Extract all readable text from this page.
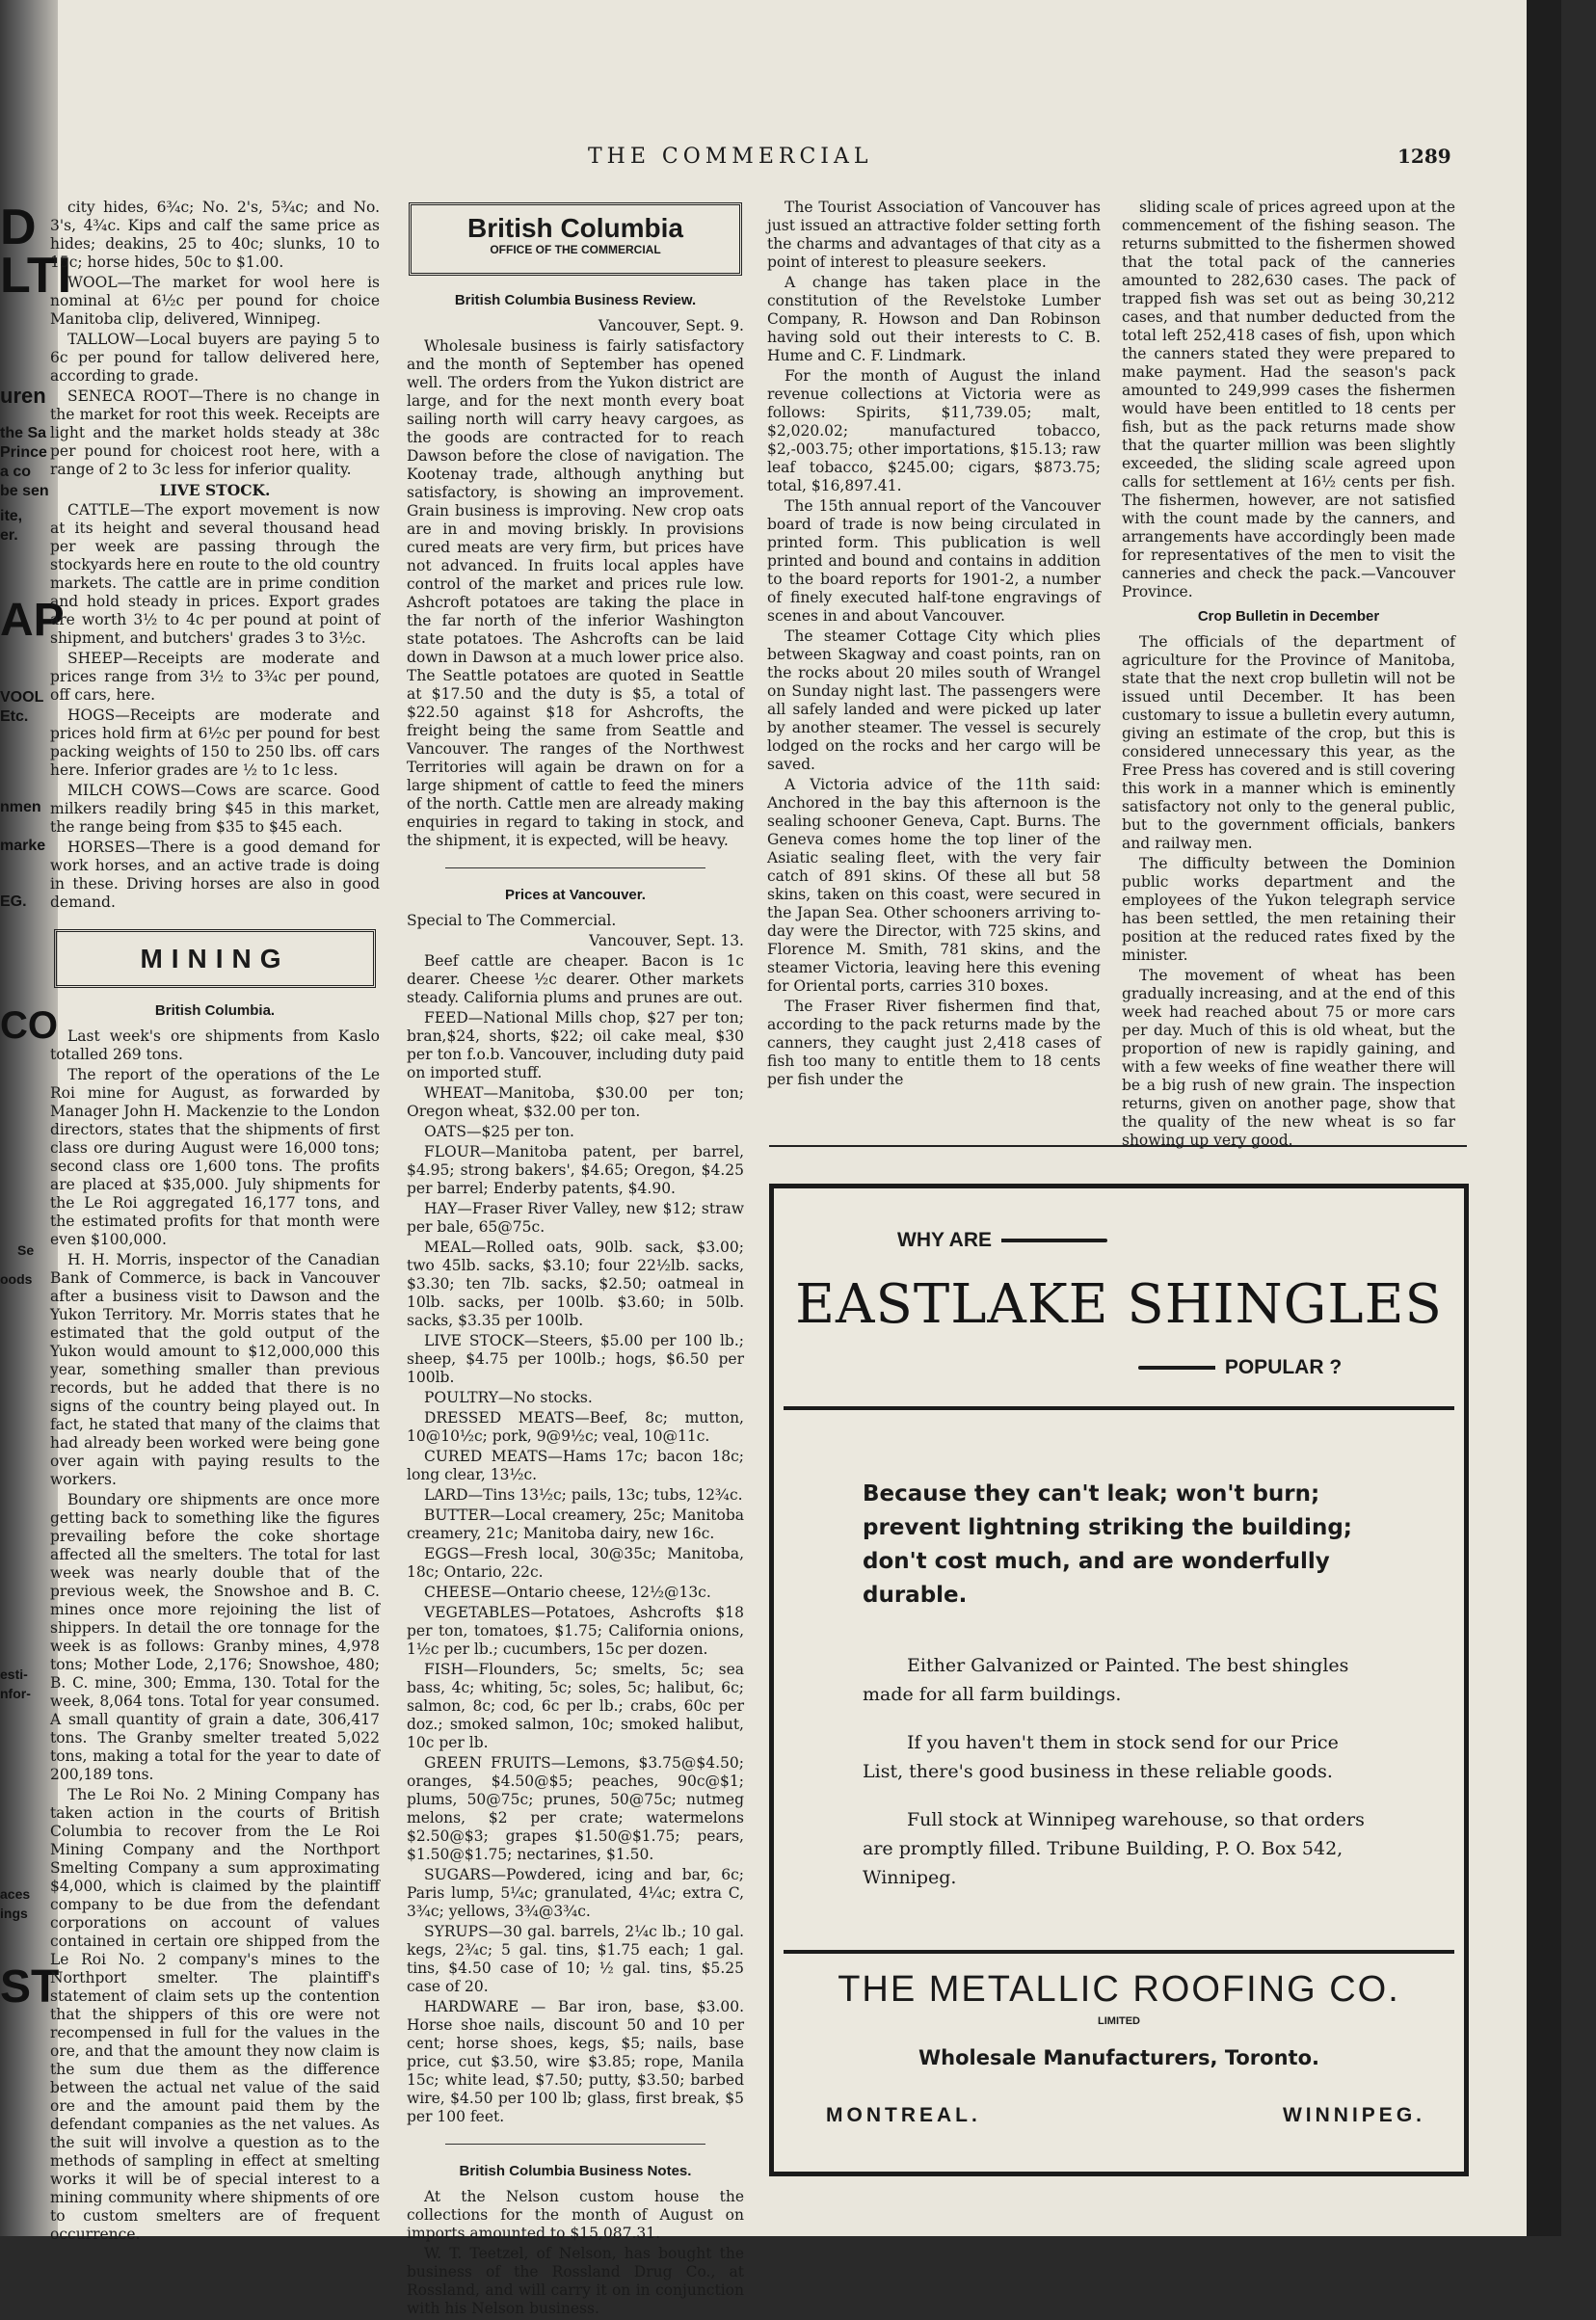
D
LTI
uren
the Sa
Prince
a co
be sen
ite,
er.
AP
VOOL
Etc.
nmen
marke
EG.
CO
Se
oods
esti-
nfor-
aces
ings
ST
THE COMMERCIAL	1289

city hides, 6¾c; No. 2's, 5¾c; and No. 3's, 4¾c. Kips and calf the same price as hides; deakins, 25 to 40c; slunks, 10 to 15c; horse hides, 50c to $1.00.

WOOL—The market for wool here is nominal at 6½c per pound for choice Manitoba clip, delivered, Winnipeg.

TALLOW—Local buyers are paying 5 to 6c per pound for tallow delivered here, according to grade.

SENECA ROOT—There is no change in the market for root this week. Receipts are light and the market holds steady at 38c per pound for choicest root here, with a range of 2 to 3c less for inferior quality.

LIVE STOCK.

CATTLE—The export movement is now at its height and several thousand head per week are passing through the stockyards here en route to the old country markets. The cattle are in prime condition and hold steady in prices. Export grades are worth 3½ to 4c per pound at point of shipment, and butchers' grades 3 to 3½c.

SHEEP—Receipts are moderate and prices range from 3½ to 3¾c per pound, off cars, here.

HOGS—Receipts are moderate and prices hold firm at 6½c per pound for best packing weights of 150 to 250 lbs. off cars here. Inferior grades are ½ to 1c less.

MILCH COWS—Cows are scarce. Good milkers readily bring $45 in this market, the range being from $35 to $45 each.

HORSES—There is a good demand for work horses, and an active trade is doing in these. Driving horses are also in good demand.

MINING
British Columbia.

Last week's ore shipments from Kaslo totalled 269 tons.

The report of the operations of the Le Roi mine for August, as forwarded by Manager John H. Mackenzie to the London directors, states that the shipments of first class ore during August were 16,000 tons; second class ore 1,600 tons. The profits are placed at $35,000. July shipments for the Le Roi aggregated 16,177 tons, and the estimated profits for that month were even $100,000.

H. H. Morris, inspector of the Canadian Bank of Commerce, is back in Vancouver after a business visit to Dawson and the Yukon Territory. Mr. Morris states that he estimated that the gold output of the Yukon would amount to $12,000,000 this year, something smaller than previous records, but he added that there is no signs of the country being played out. In fact, he stated that many of the claims that had already been worked were being gone over again with paying results to the workers.

Boundary ore shipments are once more getting back to something like the figures prevailing before the coke shortage affected all the smelters. The total for last week was nearly double that of the previous week, the Snowshoe and B. C. mines once more rejoining the list of shippers. In detail the ore tonnage for the week is as follows: Granby mines, 4,978 tons; Mother Lode, 2,176; Snowshoe, 480; B. C. mine, 300; Emma, 130. Total for the week, 8,064 tons. Total for year consumed. A small quantity of grain a date, 306,417 tons. The Granby smelter treated 5,022 tons, making a total for the year to date of 200,189 tons.

The Le Roi No. 2 Mining Company has taken action in the courts of British Columbia to recover from the Le Roi Mining Company and the Northport Smelting Company a sum approximating $4,000, which is claimed by the plaintiff company to be due from the defendant corporations on account of values contained in certain ore shipped from the Le Roi No. 2 company's mines to the Northport smelter. The plaintiff's statement of claim sets up the contention that the shippers of this ore were not recompensed in full for the values in the ore, and that the amount they now claim is the sum due them as the difference between the actual net value of the said ore and the amount paid them by the defendant companies as the net values. As the suit will involve a question as to the methods of sampling in effect at smelting works it will be of special interest to a mining community where shipments of ore to custom smelters are of frequent occurrence.

British Columbia
OFFICE OF THE COMMERCIAL
British Columbia Business Review.

Vancouver, Sept. 9.

Wholesale business is fairly satisfactory and the month of September has opened well. The orders from the Yukon district are large, and for the next month every boat sailing north will carry heavy cargoes, as the goods are contracted for to reach Dawson before the close of navigation. The Kootenay trade, although anything but satisfactory, is showing an improvement. Grain business is improving. New crop oats are in and moving briskly. In provisions cured meats are very firm, but prices have not advanced. In fruits local apples have control of the market and prices rule low. Ashcroft potatoes are taking the place in the far north of the inferior Washington state potatoes. The Ashcrofts can be laid down in Dawson at a much lower price also. The Seattle potatoes are quoted in Seattle at $17.50 and the duty is $5, a total of $22.50 against $18 for Ashcrofts, the freight being the same from Seattle and Vancouver. The ranges of the Northwest Territories will again be drawn on for a large shipment of cattle to feed the miners of the north. Cattle men are already making enquiries in regard to taking in stock, and the shipment, it is expected, will be heavy.

Prices at Vancouver.

Special to The Commercial.

Vancouver, Sept. 13.

Beef cattle are cheaper. Bacon is 1c dearer. Cheese ½c dearer. Other markets steady. California plums and prunes are out.

FEED—National Mills chop, $27 per ton; bran,$24, shorts, $22; oil cake meal, $30 per ton f.o.b. Vancouver, including duty paid on imported stuff.

WHEAT—Manitoba, $30.00 per ton; Oregon wheat, $32.00 per ton.

OATS—$25 per ton.

FLOUR—Manitoba patent, per barrel, $4.95; strong bakers', $4.65; Oregon, $4.25 per barrel; Enderby patents, $4.90.

HAY—Fraser River Valley, new $12; straw per bale, 65@75c.

MEAL—Rolled oats, 90lb. sack, $3.00; two 45lb. sacks, $3.10; four 22½lb. sacks, $3.30; ten 7lb. sacks, $2.50; oatmeal in 10lb. sacks, per 100lb. $3.60; in 50lb. sacks, $3.35 per 100lb.

LIVE STOCK—Steers, $5.00 per 100 lb.; sheep, $4.75 per 100lb.; hogs, $6.50 per 100lb.

POULTRY—No stocks.

DRESSED MEATS—Beef, 8c; mutton, 10@10½c; pork, 9@9½c; veal, 10@11c.

CURED MEATS—Hams 17c; bacon 18c; long clear, 13½c.

LARD—Tins 13½c; pails, 13c; tubs, 12¾c.

BUTTER—Local creamery, 25c; Manitoba creamery, 21c; Manitoba dairy, new 16c.

EGGS—Fresh local, 30@35c; Manitoba, 18c; Ontario, 22c.

CHEESE—Ontario cheese, 12½@13c.

VEGETABLES—Potatoes, Ashcrofts $18 per ton, tomatoes, $1.75; California onions, 1½c per lb.; cucumbers, 15c per dozen.

FISH—Flounders, 5c; smelts, 5c; sea bass, 4c; whiting, 5c; soles, 5c; halibut, 6c; salmon, 8c; cod, 6c per lb.; crabs, 60c per doz.; smoked salmon, 10c; smoked halibut, 10c per lb.

GREEN FRUITS—Lemons, $3.75@$4.50; oranges, $4.50@$5; peaches, 90c@$1; plums, 50@75c; prunes, 50@75c; nutmeg melons, $2 per crate; watermelons $2.50@$3; grapes $1.50@$1.75; pears, $1.50@$1.75; nectarines, $1.50.

SUGARS—Powdered, icing and bar, 6c; Paris lump, 5¼c; granulated, 4¼c; extra C, 3¾c; yellows, 3¾@3¾c.

SYRUPS—30 gal. barrels, 2¼c lb.; 10 gal. kegs, 2¾c; 5 gal. tins, $1.75 each; 1 gal. tins, $4.50 case of 10; ½ gal. tins, $5.25 case of 20.

HARDWARE — Bar iron, base, $3.00. Horse shoe nails, discount 50 and 10 per cent; horse shoes, kegs, $5; nails, base price, cut $3.50, wire $3.85; rope, Manila 15c; white lead, $7.50; putty, $3.50; barbed wire, $4.50 per 100 lb; glass, first break, $5 per 100 feet.

British Columbia Business Notes.

At the Nelson custom house the collections for the month of August on imports amounted to $15,087.31.

W. T. Teetzel, of Nelson, has bought the business of the Rossland Drug Co., at Rossland, and will carry it on in conjunction with his Nelson business.

The Tourist Association of Vancouver has just issued an attractive folder setting forth the charms and advantages of that city as a point of interest to pleasure seekers.

A change has taken place in the constitution of the Revelstoke Lumber Company, R. Howson and Dan Robinson having sold out their interests to C. B. Hume and C. F. Lindmark.

For the month of August the inland revenue collections at Victoria were as follows: Spirits, $11,739.05; malt, $2,020.02; manufactured tobacco, $2,-003.75; other importations, $15.13; raw leaf tobacco, $245.00; cigars, $873.75; total, $16,897.41.

The 15th annual report of the Vancouver board of trade is now being circulated in printed form. This publication is well printed and bound and contains in addition to the board reports for 1901-2, a number of finely executed half-tone engravings of scenes in and about Vancouver.

The steamer Cottage City which plies between Skagway and coast points, ran on the rocks about 20 miles south of Wrangel on Sunday night last. The passengers were all safely landed and were picked up later by another steamer. The vessel is securely lodged on the rocks and her cargo will be saved.

A Victoria advice of the 11th said: Anchored in the bay this afternoon is the sealing schooner Geneva, Capt. Burns. The Geneva comes home the top liner of the Asiatic sealing fleet, with the very fair catch of 891 skins. Of these all but 58 skins, taken on this coast, were secured in the Japan Sea. Other schooners arriving to-day were the Director, with 725 skins, and Florence M. Smith, 781 skins, and the steamer Victoria, leaving here this evening for Oriental ports, carries 310 boxes.

The Fraser River fishermen find that, according to the pack returns made by the canners, they caught just 2,418 cases of fish too many to entitle them to 18 cents per fish under the

sliding scale of prices agreed upon at the commencement of the fishing season. The returns submitted to the fishermen showed that the total pack of the canneries amounted to 282,630 cases. The pack of trapped fish was set out as being 30,212 cases, and that number deducted from the total left 252,418 cases of fish, upon which the canners stated they were prepared to make payment. Had the season's pack amounted to 249,999 cases the fishermen would have been entitled to 18 cents per fish, but as the pack returns made show that the quarter million was been slightly exceeded, the sliding scale agreed upon calls for settlement at 16½ cents per fish. The fishermen, however, are not satisfied with the count made by the canners, and arrangements have accordingly been made for representatives of the men to visit the canneries and check the pack.—Vancouver Province.

Crop Bulletin in December

The officials of the department of agriculture for the Province of Manitoba, state that the next crop bulletin will not be issued until December. It has been customary to issue a bulletin every autumn, giving an estimate of the crop, but this is considered unnecessary this year, as the Free Press has covered and is still covering this work in a manner which is eminently satisfactory not only to the general public, but to the government officials, bankers and railway men.

The difficulty between the Dominion public works department and the employees of the Yukon telegraph service has been settled, the men retaining their position at the reduced rates fixed by the minister.

The movement of wheat has been gradually increasing, and at the end of this week had reached about 75 or more cars per day. Much of this is old wheat, but the proportion of new is rapidly gaining, and with a few weeks of fine weather there will be a big rush of new grain. The inspection returns, given on another page, show that the quality of the new wheat is so far showing up very good.

WHY ARE
EASTLAKE SHINGLES
POPULAR ?
Because they can't leak; won't burn; prevent lightning striking the building; don't cost much, and are wonderfully durable.
Either Galvanized or Painted. The best shingles made for all farm buildings.
If you haven't them in stock send for our Price List, there's good business in these reliable goods.
Full stock at Winnipeg warehouse, so that orders are promptly filled. Tribune Building, P. O. Box 542, Winnipeg.
THE METALLIC ROOFING CO.
LIMITED
Wholesale Manufacturers, Toronto.
MONTREAL.	WINNIPEG.
